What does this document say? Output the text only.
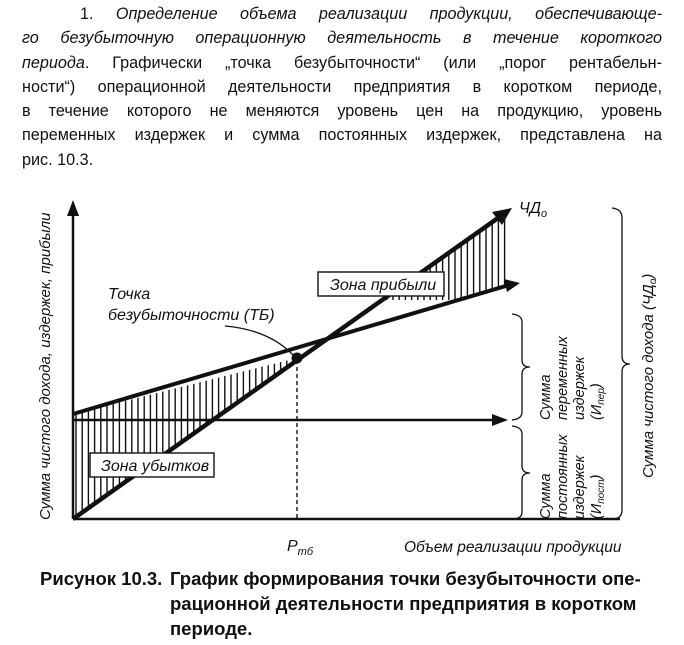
1. Определение объема реализации продукции, обеспечивающе-
го безубыточную операционную деятельность в течение короткого
периода. Графически „точка безубыточности“ (или „порог рентабельн-
ности“) операционной деятельности предприятия в коротком периоде,
в течение которого не меняются уровень цен на продукцию, уровень
переменных издержек и сумма постоянных издержек, представлена на
рис. 10.3.
Точка
безубыточности (ТБ)
Зона прибыли
Зона убытков
$ЧД_о$
$Р_{тб}$	Объем реализации продукции
Сумма чистого дохода, издержек, прибыли	Сумма переменных издержек $(И_{пер})$
Сумма постоянных издержек $(И_{пост})$ Сумма чистого дохода $(ЧД_о)$
Рисунок 10.3. График формирования точки безубыточности опе-
рационной деятельности предприятия в коротком
периоде.
